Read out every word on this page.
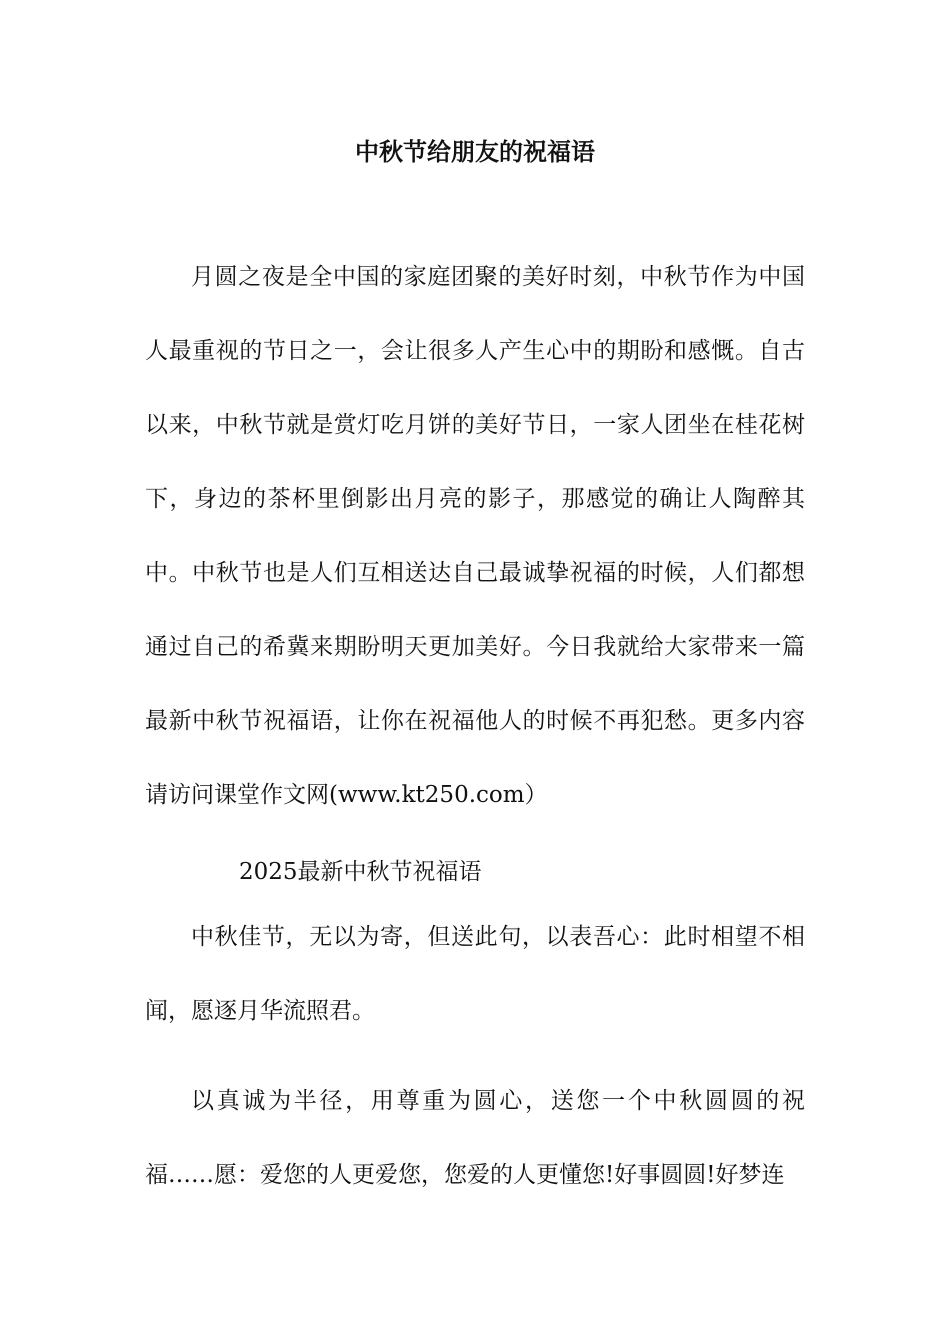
中秋节给朋友的祝福语

月圆之夜是全中国的家庭团聚的美好时刻，中秋节作为中国人最重视的节日之一，会让很多人产生心中的期盼和感慨。自古以来，中秋节就是赏灯吃月饼的美好节日，一家人团坐在桂花树下，身边的茶杯里倒影出月亮的影子，那感觉的确让人陶醉其中。中秋节也是人们互相送达自己最诚挚祝福的时候，人们都想通过自己的希冀来期盼明天更加美好。今日我就给大家带来一篇最新中秋节祝福语，让你在祝福他人的时候不再犯愁。更多内容请访问课堂作文网(www.kt250.com）

2025最新中秋节祝福语

中秋佳节，无以为寄，但送此句，以表吾心：此时相望不相闻，愿逐月华流照君。

以真诚为半径，用尊重为圆心，送您一个中秋圆圆的祝福……愿：爱您的人更爱您，您爱的人更懂您!好事圆圆!好梦连
